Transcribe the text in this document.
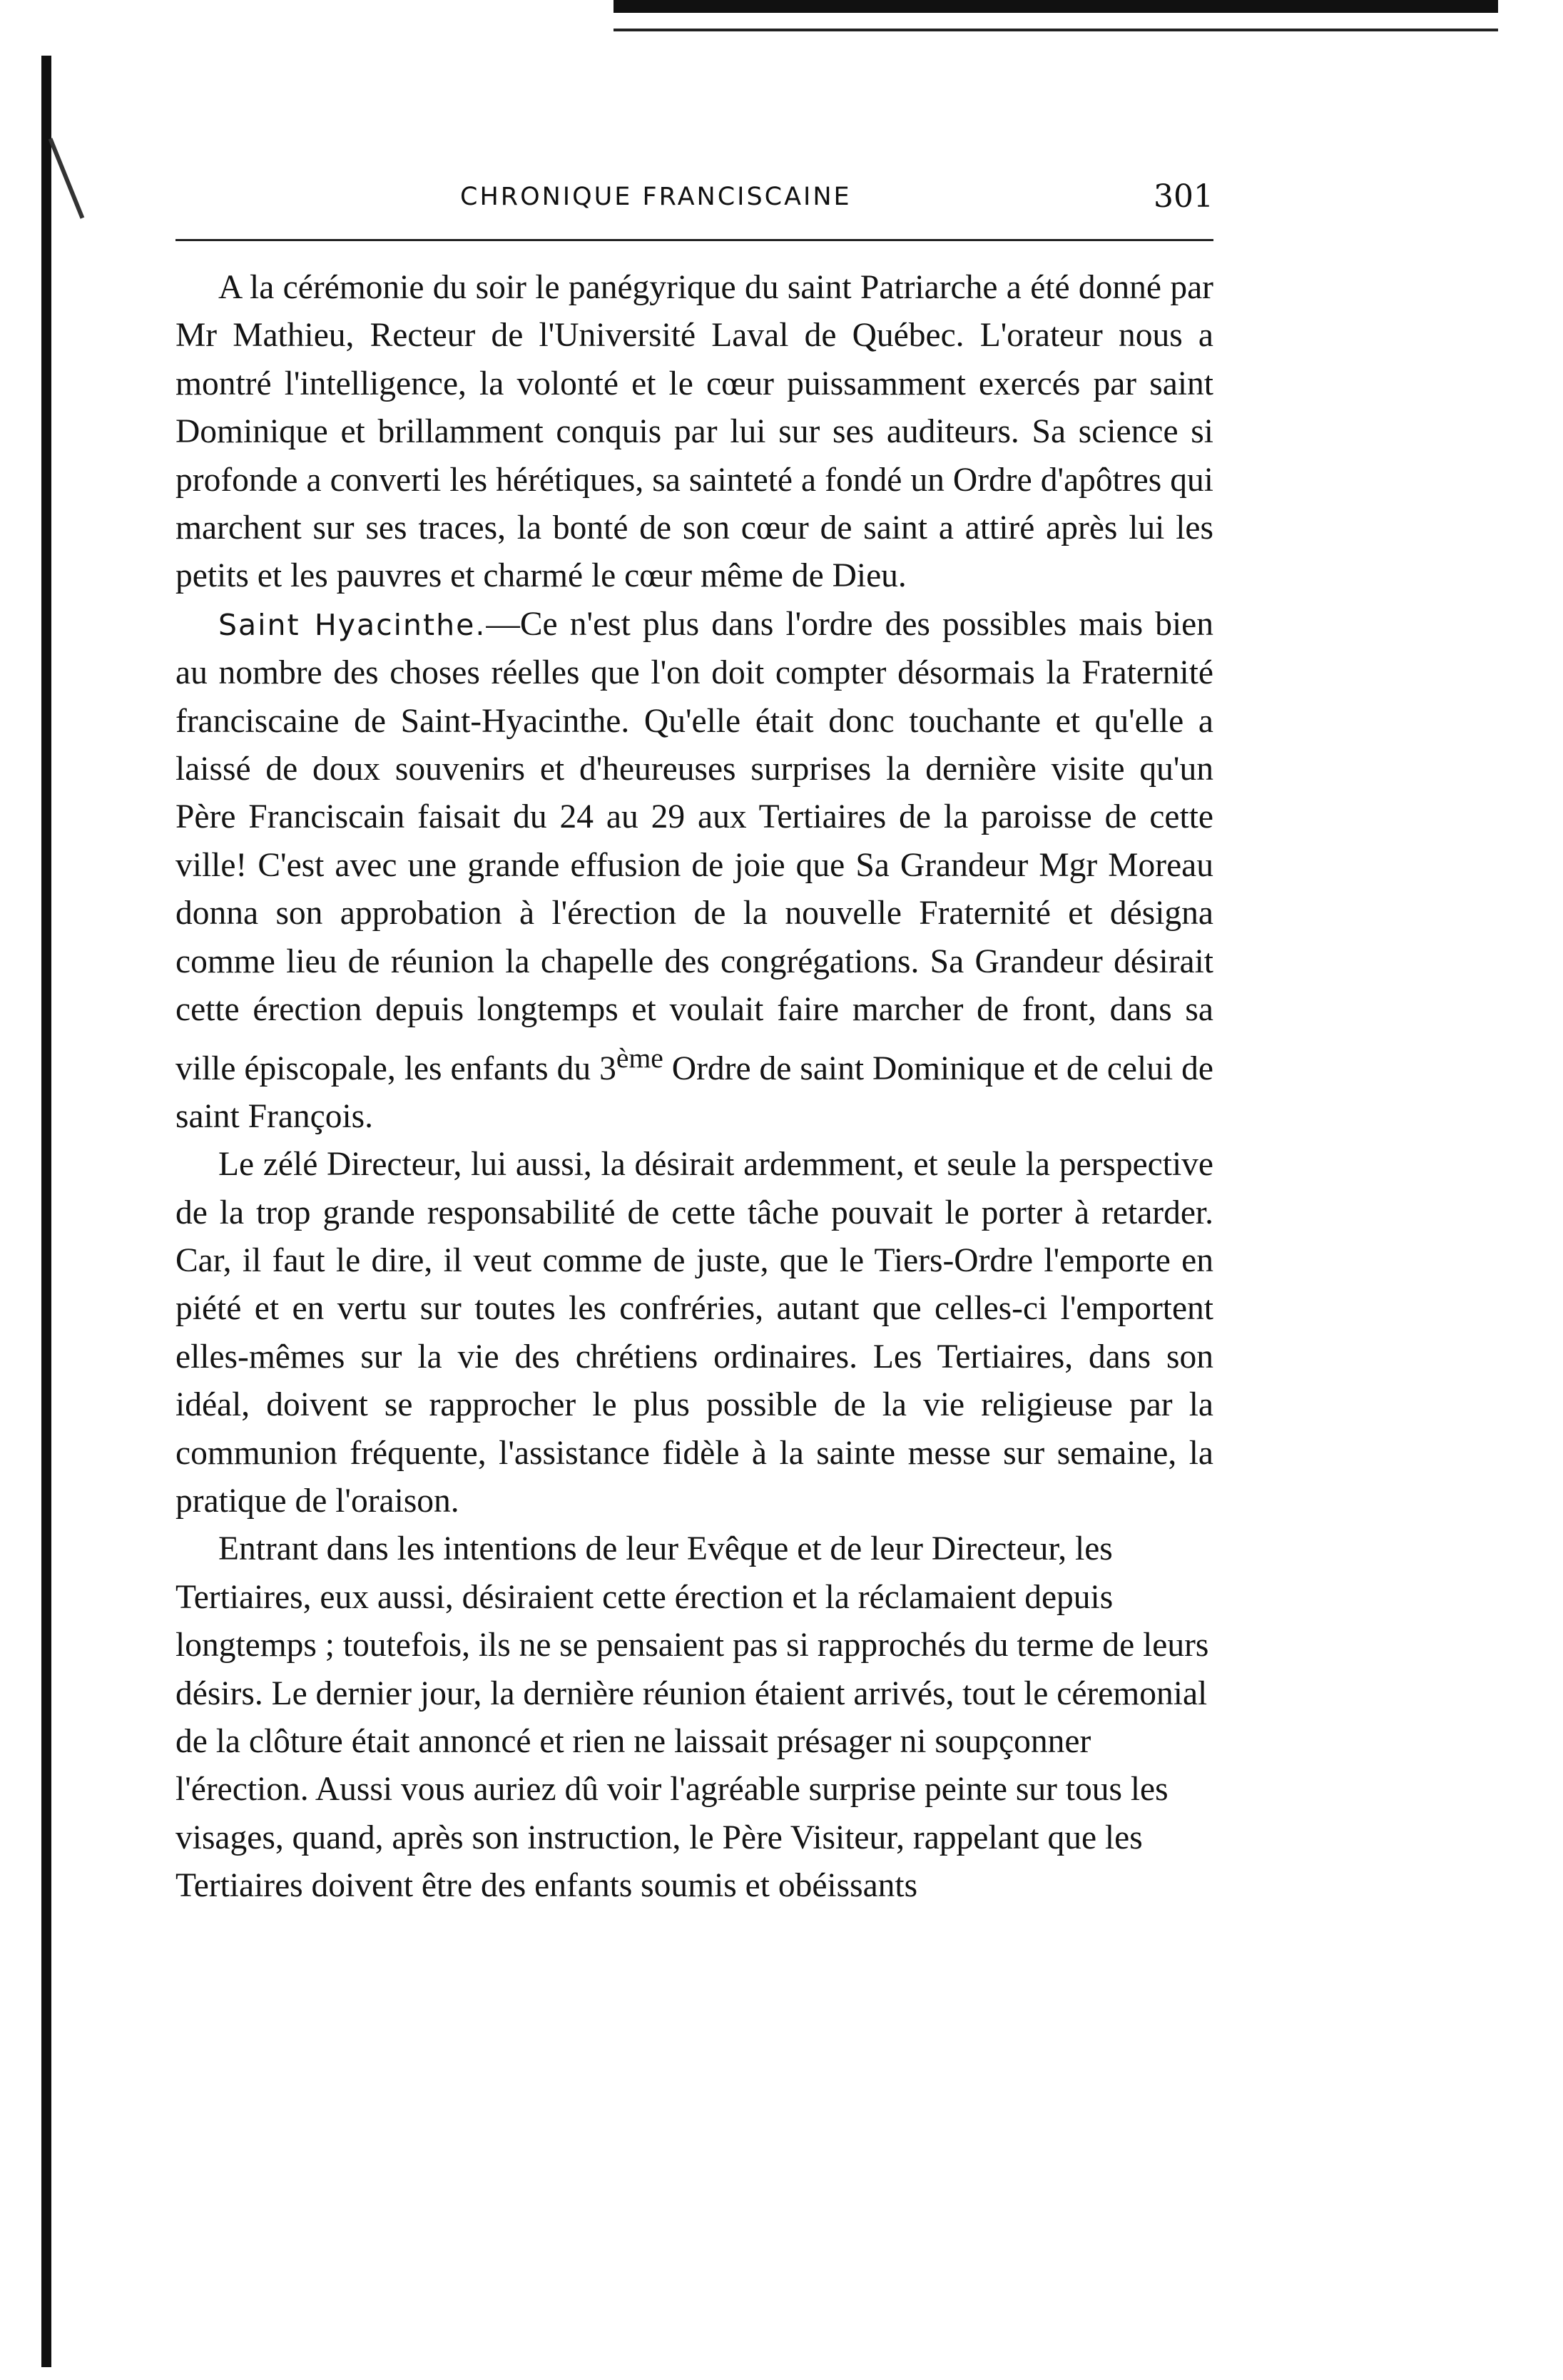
CHRONIQUE FRANCISCAINE	301

A la cérémonie du soir le panégyrique du saint Patriarche a été donné par Mr Mathieu, Recteur de l'Université Laval de Québec. L'orateur nous a montré l'intelligence, la volonté et le cœur puissamment exercés par saint Dominique et brillamment conquis par lui sur ses auditeurs. Sa science si profonde a converti les hérétiques, sa sainteté a fondé un Ordre d'apôtres qui marchent sur ses traces, la bonté de son cœur de saint a attiré après lui les petits et les pauvres et charmé le cœur même de Dieu.

Saint Hyacinthe.—Ce n'est plus dans l'ordre des possibles mais bien au nombre des choses réelles que l'on doit compter désormais la Fraternité franciscaine de Saint-Hyacinthe. Qu'elle était donc touchante et qu'elle a laissé de doux souvenirs et d'heureuses surprises la dernière visite qu'un Père Franciscain faisait du 24 au 29 aux Tertiaires de la paroisse de cette ville! C'est avec une grande effusion de joie que Sa Grandeur Mgr Moreau donna son approbation à l'érection de la nouvelle Fraternité et désigna comme lieu de réunion la chapelle des congrégations. Sa Grandeur désirait cette érection depuis longtemps et voulait faire marcher de front, dans sa ville épiscopale, les enfants du 3ème Ordre de saint Dominique et de celui de saint François.

Le zélé Directeur, lui aussi, la désirait ardemment, et seule la perspective de la trop grande responsabilité de cette tâche pouvait le porter à retarder. Car, il faut le dire, il veut comme de juste, que le Tiers-Ordre l'emporte en piété et en vertu sur toutes les confréries, autant que celles-ci l'emportent elles-mêmes sur la vie des chrétiens ordinaires. Les Tertiaires, dans son idéal, doivent se rapprocher le plus possible de la vie religieuse par la communion fréquente, l'assistance fidèle à la sainte messe sur semaine, la pratique de l'oraison.

Entrant dans les intentions de leur Evêque et de leur Directeur, les Tertiaires, eux aussi, désiraient cette érection et la réclamaient depuis longtemps ; toutefois, ils ne se pensaient pas si rapprochés du terme de leurs désirs. Le dernier jour, la dernière réunion étaient arrivés, tout le céremonial de la clôture était annoncé et rien ne laissait présager ni soupçonner l'érection. Aussi vous auriez dû voir l'agréable surprise peinte sur tous les visages, quand, après son instruction, le Père Visiteur, rappelant que les Tertiaires doivent être des enfants soumis et obéissants
